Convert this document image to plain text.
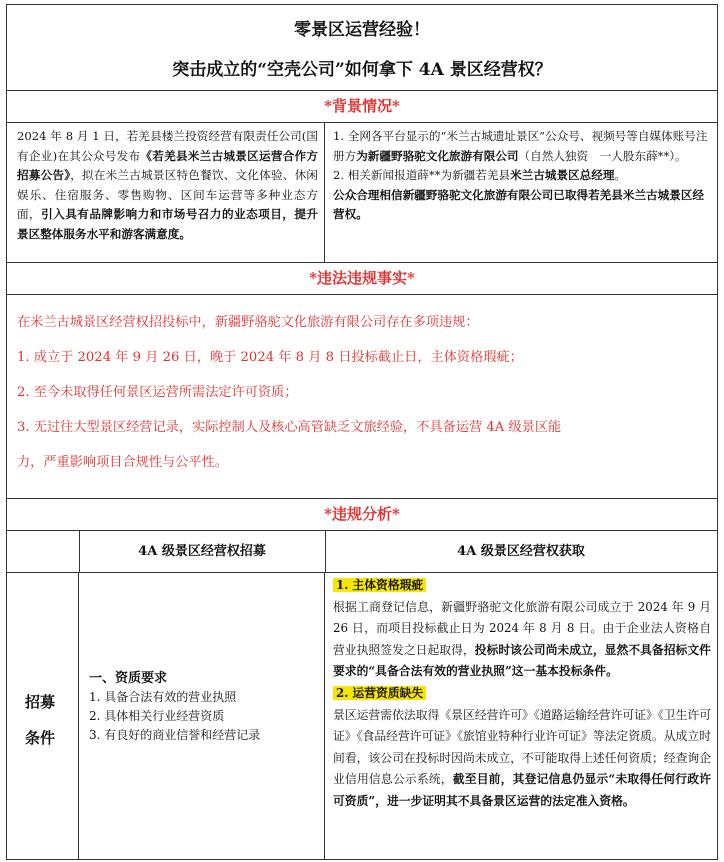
零景区运营经验！
突击成立的“空壳公司”如何拿下 4A 景区经营权？
*背景情况*
2024 年 8 月 1 日，若羌县楼兰投资经营有限责任公司(国有企业)在其公众号发布《若羌县米兰古城景区运营合作方招募公告》，拟在米兰古城景区特色餐饮、文化体验、休闲娱乐、住宿服务、零售购物、区间车运营等多种业态方面，引入具有品牌影响力和市场号召力的业态项目，提升景区整体服务水平和游客满意度。
1. 全网各平台显示的“米兰古城遗址景区”公众号、视频号等自媒体账号注册方为新疆野骆驼文化旅游有限公司（自然人独资　一人股东薛**）。
2. 相关新闻报道薛**为新疆若羌县米兰古城景区总经理。
公众合理相信新疆野骆驼文化旅游有限公司已取得若羌县米兰古城景区经营权。
*违法违规事实*

在米兰古城景区经营权招投标中，新疆野骆驼文化旅游有限公司存在多项违规：

1. 成立于 2024 年 9 月 26 日，晚于 2024 年 8 月 8 日投标截止日，主体资格瑕疵；

2. 至今未取得任何景区运营所需法定许可资质；

3. 无过往大型景区经营记录，实际控制人及核心高管缺乏文旅经验，不具备运营 4A 级景区能

力，严重影响项目合规性与公平性。

*违规分析*
4A 级景区经营权招募	4A 级景区经营权获取
招募
条件
一、资质要求
1. 具备合法有效的营业执照
2. 具体相关行业经营资质
3. 有良好的商业信誉和经营记录
1. 主体资格瑕疵
根据工商登记信息，新疆野骆驼文化旅游有限公司成立于 2024 年 9 月 26 日，而项目投标截止日为 2024 年 8 月 8 日。由于企业法人资格自营业执照签发之日起取得，投标时该公司尚未成立，显然不具备招标文件要求的“具备合法有效的营业执照”这一基本投标条件。
2. 运营资质缺失
景区运营需依法取得《景区经营许可》《道路运输经营许可证》《卫生许可证》《食品经营许可证》《旅馆业特种行业许可证》等法定资质。从成立时间看，该公司在投标时因尚未成立，不可能取得上述任何资质；经查询企业信用信息公示系统，截至目前，其登记信息仍显示“未取得任何行政许可资质”，进一步证明其不具备景区运营的法定准入资格。
